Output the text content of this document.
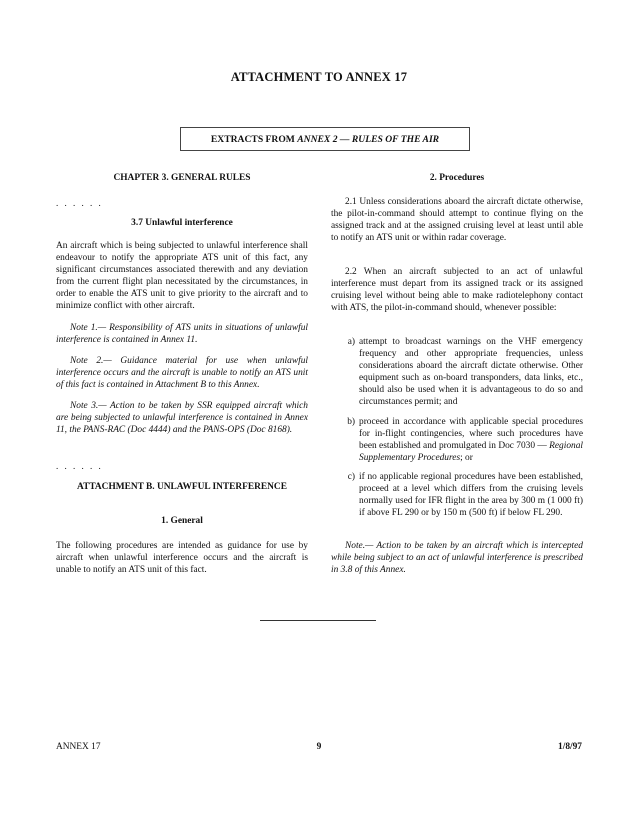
ATTACHMENT TO ANNEX 17
EXTRACTS FROM ANNEX 2 — RULES OF THE AIR
CHAPTER 3. GENERAL RULES
. . . . . .
3.7 Unlawful interference

An aircraft which is being subjected to unlawful interference shall endeavour to notify the appropriate ATS unit of this fact, any significant circumstances associated therewith and any deviation from the current flight plan necessitated by the circumstances, in order to enable the ATS unit to give priority to the aircraft and to minimize conflict with other aircraft.

Note 1.— Responsibility of ATS units in situations of unlawful interference is contained in Annex 11.

Note 2.— Guidance material for use when unlawful interference occurs and the aircraft is unable to notify an ATS unit of this fact is contained in Attachment B to this Annex.

Note 3.— Action to be taken by SSR equipped aircraft which are being subjected to unlawful interference is contained in Annex 11, the PANS-RAC (Doc 4444) and the PANS-OPS (Doc 8168).

. . . . . .
ATTACHMENT B. UNLAWFUL INTERFERENCE
1. General

The following procedures are intended as guidance for use by aircraft when unlawful interference occurs and the aircraft is unable to notify an ATS unit of this fact.

2. Procedures

2.1 Unless considerations aboard the aircraft dictate otherwise, the pilot-in-command should attempt to continue flying on the assigned track and at the assigned cruising level at least until able to notify an ATS unit or within radar coverage.

2.2 When an aircraft subjected to an act of unlawful interference must depart from its assigned track or its assigned cruising level without being able to make radiotelephony contact with ATS, the pilot-in-command should, whenever possible:

a) attempt to broadcast warnings on the VHF emergency frequency and other appropriate frequencies, unless considerations aboard the aircraft dictate otherwise. Other equipment such as on-board transponders, data links, etc., should also be used when it is advantageous to do so and circumstances permit; and
b) proceed in accordance with applicable special procedures for in-flight contingencies, where such procedures have been established and promulgated in Doc 7030 — Regional Supplementary Procedures; or
c) if no applicable regional procedures have been established, proceed at a level which differs from the cruising levels normally used for IFR flight in the area by 300 m (1 000 ft) if above FL 290 or by 150 m (500 ft) if below FL 290.

Note.— Action to be taken by an aircraft which is intercepted while being subject to an act of unlawful interference is prescribed in 3.8 of this Annex.

ANNEX 17	9	1/8/97
